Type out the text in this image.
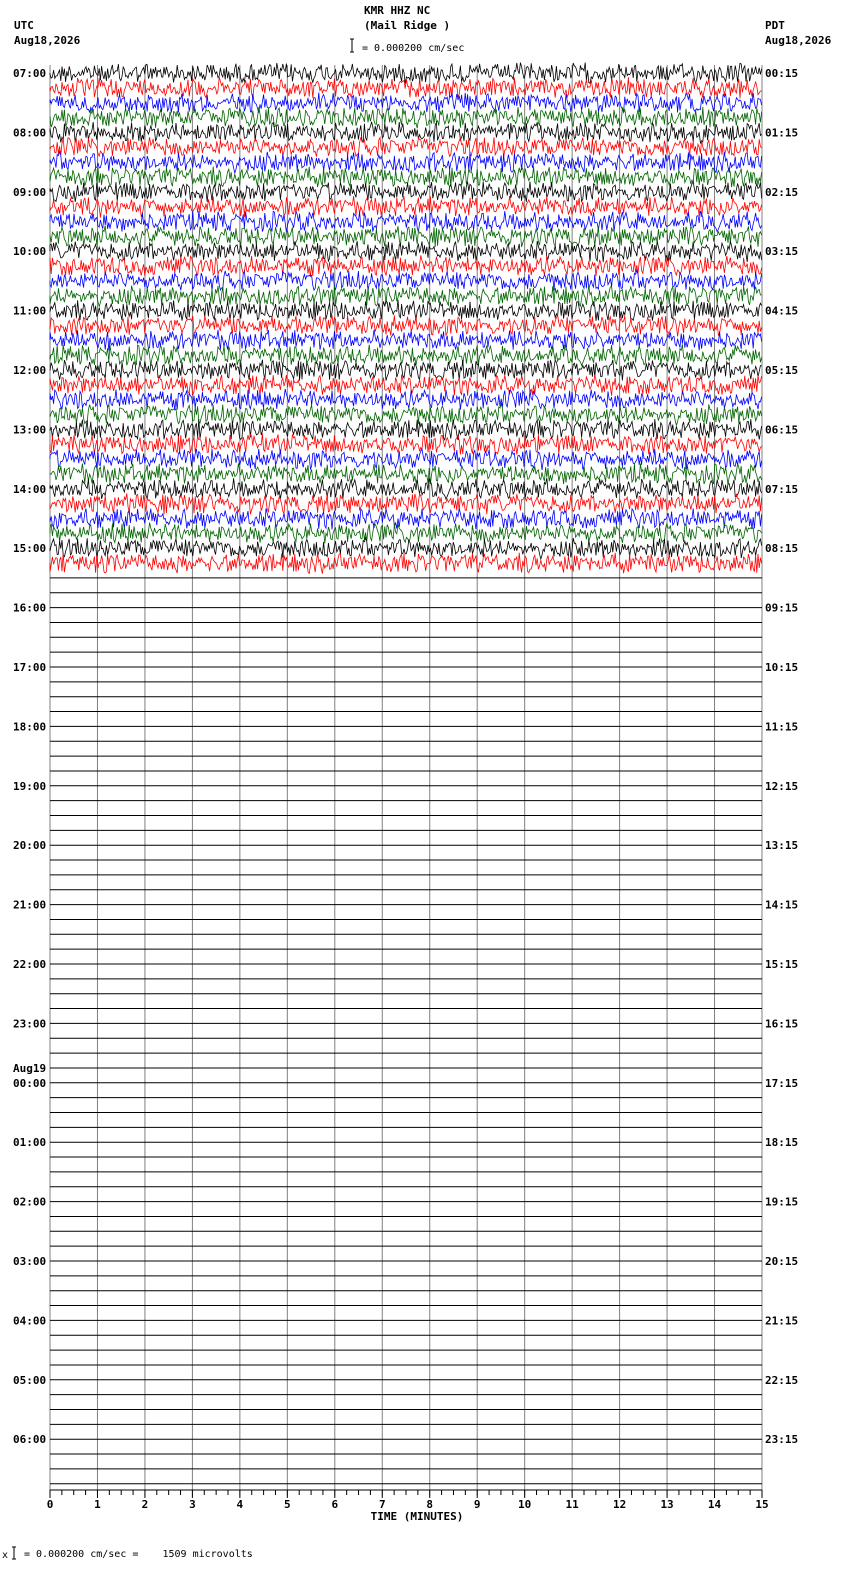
KMR HHZ NC
(Mail Ridge )
UTC
Aug18,2026
PDT
Aug18,2026
= 0.000200 cm/sec
07:00
08:00
09:00
10:00
11:00
12:00
13:00
14:00
15:00
16:00
17:00
18:00
19:00
20:00
21:00
22:00
23:00
00:00
01:00
02:00
03:00
04:00
05:00
06:00
00:15
01:15
02:15
03:15
04:15
05:15
06:15
07:15
08:15
09:15
10:15
11:15
12:15
13:15
14:15
15:15
16:15
17:15
18:15
19:15
20:15
21:15
22:15
23:15
Aug19
0	1	2	3	4	5	6	7	8	9	10	11	12	13	14	15
TIME (MINUTES)
x = 0.000200 cm/sec =    1509 microvolts
